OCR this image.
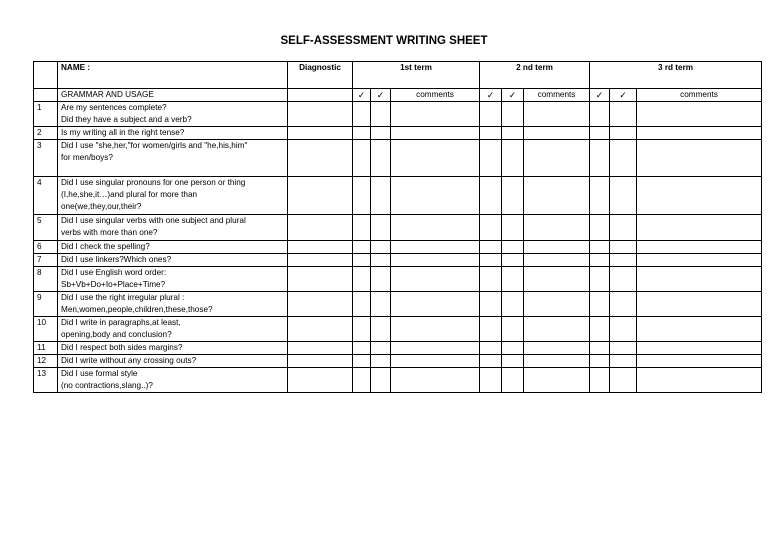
SELF-ASSESSMENT WRITING SHEET
	NAME :	Diagnostic	1st term			2 nd term			3 rd term		
	GRAMMAR AND USAGE		✓	✓	comments	✓	✓	comments	✓	✓	comments
1	Are my sentences complete?
Did they have a subject and a verb?										

2	Is my writing all in the right tense?										

3	Did I use "she,her,"for women/girls and "he,his,him"
for men/boys?										

4	Did I use singular pronouns for one person or thing
(I,he,she,it…)and plural for more than
one(we,they,our,their?										

5	Did I use singular verbs with one subject and plural
verbs with more than one?										

6	Did I check the spelling?										

7	Did I use linkers?Which ones?										

8	Did I use English word order:
Sb+Vb+Do+Io+Place+Time?										

9	Did I use the right irregular plural :
Men,women,people,children,these,those?										

10	Did I write in paragraphs,at least,
opening,body and conclusion?										

11	Did I respect both sides margins?										

12	Did I write without any crossing outs?										

13	Did I use formal style
(no contractions,slang..)?										
